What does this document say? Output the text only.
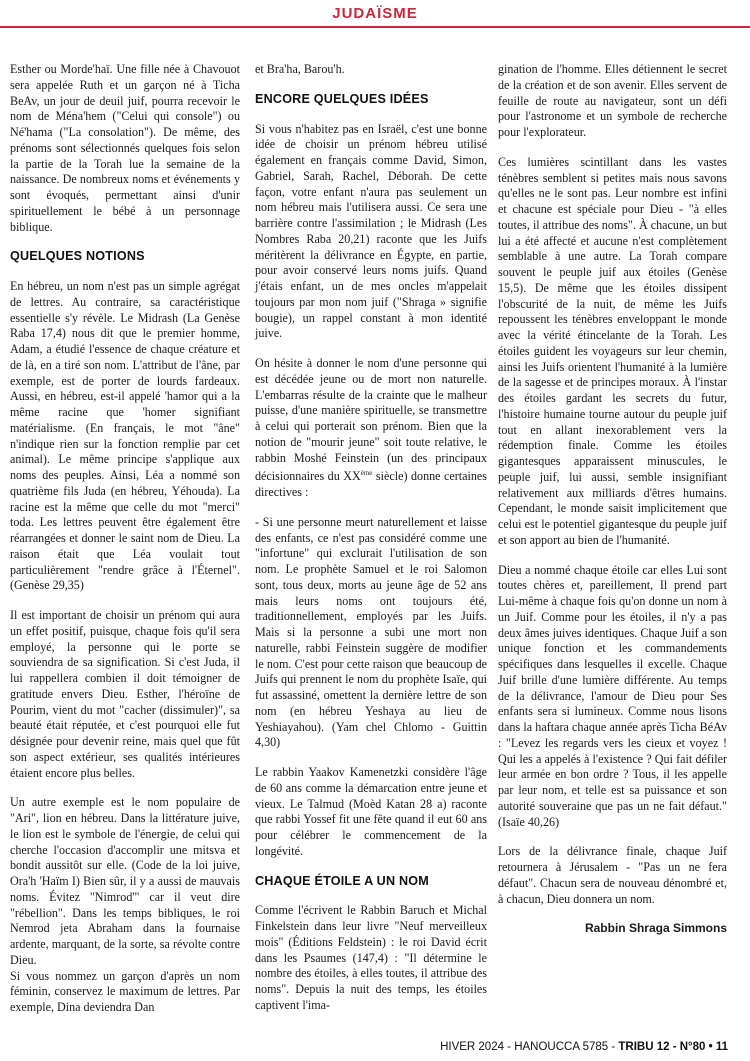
JUDAÏSME

Esther ou Morde'haï. Une fille née à Chavouot sera appelée Ruth et un garçon né à Ticha BeAv, un jour de deuil juif, pourra recevoir le nom de Ména'hem ("Celui qui console") ou Né'hama ("La consolation"). De même, des prénoms sont sélectionnés quelques fois selon la partie de la Torah lue la semaine de la naissance. De nombreux noms et événements y sont évoqués, permettant ainsi d'unir spirituellement le bébé à un personnage biblique.

QUELQUES NOTIONS

En hébreu, un nom n'est pas un simple agrégat de lettres. Au contraire, sa caractéristique essentielle s'y révèle. Le Midrash (La Genèse Raba 17,4) nous dit que le premier homme, Adam, a étudié l'essence de chaque créature et de là, en a tiré son nom. L'attribut de l'âne, par exemple, est de porter de lourds fardeaux. Aussi, en hébreu, est-il appelé 'hamor qui a la même racine que 'homer signifiant matérialisme. (En français, le mot "âne" n'indique rien sur la fonction remplie par cet animal). Le même principe s'applique aux noms des peuples. Ainsi, Léa a nommé son quatrième fils Juda (en hébreu, Yéhouda). La racine est la même que celle du mot "merci" toda. Les lettres peuvent être également être réarrangées et donner le saint nom de Dieu. La raison était que Léa voulait tout particulièrement "rendre grâce à l'Éternel". (Genèse 29,35)

Il est important de choisir un prénom qui aura un effet positif, puisque, chaque fois qu'il sera employé, la personne qui le porte se souviendra de sa signification. Si c'est Juda, il lui rappellera combien il doit témoigner de gratitude envers Dieu. Esther, l'héroïne de Pourim, vient du mot "cacher (dissimuler)", sa beauté était réputée, et c'est pourquoi elle fut désignée pour devenir reine, mais quel que fût son aspect extérieur, ses qualités intérieures étaient encore plus belles.

Un autre exemple est le nom populaire de "Ari", lion en hébreu. Dans la littérature juive, le lion est le symbole de l'énergie, de celui qui cherche l'occasion d'accomplir une mitsva et bondit aussitôt sur elle. (Code de la loi juive, Ora'h 'Haïm I) Bien sûr, il y a aussi de mauvais noms. Évitez "Nimrod'" car il veut dire "rébellion". Dans les temps bibliques, le roi Nemrod jeta Abraham dans la fournaise ardente, marquant, de la sorte, sa révolte contre Dieu.

Si vous nommez un garçon d'après un nom féminin, conservez le maximum de lettres. Par exemple, Dina deviendra Dan

et Bra'ha, Barou'h.

ENCORE QUELQUES IDÉES

Si vous n'habitez pas en Israël, c'est une bonne idée de choisir un prénom hébreu utilisé également en français comme David, Simon, Gabriel, Sarah, Rachel, Déborah. De cette façon, votre enfant n'aura pas seulement un nom hébreu mais l'utilisera aussi. Ce sera une barrière contre l'assimilation ; le Midrash (Les Nombres Raba 20,21) raconte que les Juifs méritèrent la délivrance en Égypte, en partie, pour avoir conservé leurs noms juifs. Quand j'étais enfant, un de mes oncles m'appelait toujours par mon nom juif ("Shraga » signifie bougie), un rappel constant à mon identité juive.

On hésite à donner le nom d'une personne qui est décédée jeune ou de mort non naturelle. L'embarras résulte de la crainte que le malheur puisse, d'une manière spirituelle, se transmettre à celui qui porterait son prénom. Bien que la notion de "mourir jeune" soit toute relative, le rabbin Moshé Feinstein (un des principaux décisionnaires du XXème siècle) donne certaines directives :

- Si une personne meurt naturellement et laisse des enfants, ce n'est pas considéré comme une "infortune" qui exclurait l'utilisation de son nom. Le prophète Samuel et le roi Salomon sont, tous deux, morts au jeune âge de 52 ans mais leurs noms ont toujours été, traditionnellement, employés par les Juifs. Mais si la personne a subi une mort non naturelle, rabbi Feinstein suggère de modifier le nom. C'est pour cette raison que beaucoup de Juifs qui prennent le nom du prophète Isaïe, qui fut assassiné, omettent la dernière lettre de son nom (en hébreu Yeshaya au lieu de Yeshiayahou). (Yam chel Chlomo - Guittin 4,30)

Le rabbin Yaakov Kamenetzki considère l'âge de 60 ans comme la démarcation entre jeune et vieux. Le Talmud (Moèd Katan 28 a) raconte que rabbi Yossef fit une fête quand il eut 60 ans pour célébrer le commencement de la longévité.

CHAQUE ÉTOILE A UN NOM

Comme l'écrivent le Rabbin Baruch et Michal Finkelstein dans leur livre "Neuf merveilleux mois" (Éditions Feldstein) : le roi David écrit dans les Psaumes (147,4) : "Il détermine le nombre des étoiles, à elles toutes, il attribue des noms". Depuis la nuit des temps, les étoiles captivent l'ima-

gination de l'homme. Elles détiennent le secret de la création et de son avenir. Elles servent de feuille de route au navigateur, sont un défi pour l'astronome et un symbole de recherche pour l'explorateur.

Ces lumières scintillant dans les vastes ténèbres semblent si petites mais nous savons qu'elles ne le sont pas. Leur nombre est infini et chacune est spéciale pour Dieu - "à elles toutes, il attribue des noms". À chacune, un but lui a été affecté et aucune n'est complètement semblable à une autre. La Torah compare souvent le peuple juif aux étoiles (Genèse 15,5). De même que les étoiles dissipent l'obscurité de la nuit, de même les Juifs repoussent les ténèbres enveloppant le monde avec la vérité étincelante de la Torah. Les étoiles guident les voyageurs sur leur chemin, ainsi les Juifs orientent l'humanité à la lumière de la sagesse et de principes moraux. À l'instar des étoiles gardant les secrets du futur, l'histoire humaine tourne autour du peuple juif tout en allant inexorablement vers la rédemption finale. Comme les étoiles gigantesques apparaissent minuscules, le peuple juif, lui aussi, semble insignifiant relativement aux milliards d'êtres humains. Cependant, le monde saisit implicitement que celui est le potentiel gigantesque du peuple juif et son apport au bien de l'humanité.

Dieu a nommé chaque étoile car elles Lui sont toutes chères et, pareillement, Il prend part Lui-même à chaque fois qu'on donne un nom à un Juif. Comme pour les étoiles, il n'y a pas deux âmes juives identiques. Chaque Juif a son unique fonction et les commandements spécifiques dans lesquelles il excelle. Chaque Juif brille d'une lumière différente. Au temps de la délivrance, l'amour de Dieu pour Ses enfants sera si lumineux. Comme nous lisons dans la haftara chaque année après Ticha BéAv : "Levez les regards vers les cieux et voyez ! Qui les a appelés à l'existence ? Qui fait défiler leur armée en bon ordre ? Tous, il les appelle par leur nom, et telle est sa puissance et son autorité souveraine que pas un ne fait défaut." (Isaïe 40,26)

Lors de la délivrance finale, chaque Juif retournera à Jérusalem - "Pas un ne fera défaut". Chacun sera de nouveau dénombré et, à chacun, Dieu donnera un nom.

Rabbin Shraga Simmons

HIVER 2024 - HANOUCCA 5785 - TRIBU 12 - N°80 • 11
